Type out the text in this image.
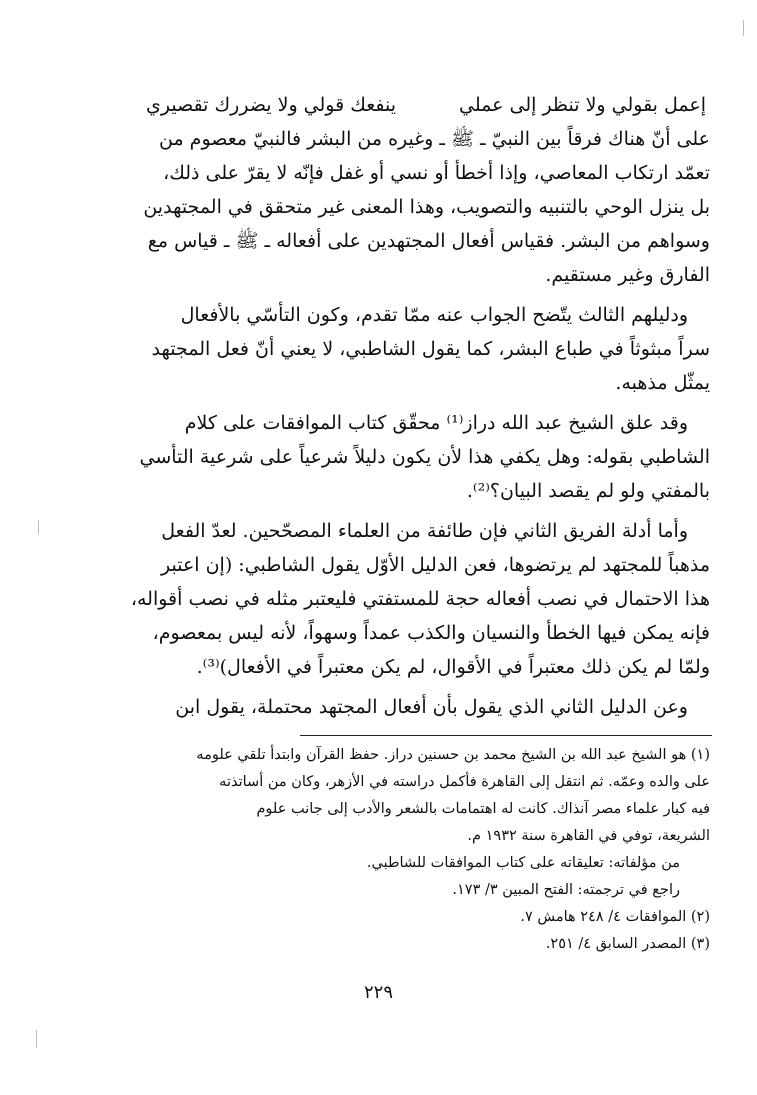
إعمل بقولي ولا تنظر إلى عملي
ينفعك قولي ولا يضررك تقصيري
على أنّ هناك فرقاً بين النبيّ ـ ﷺ ـ وغيره من البشر فالنبيّ معصوم من
تعمّد ارتكاب المعاصي، وإذا أخطأ أو نسي أو غفل فإنّه لا يقرّ على ذلك،
بل ينزل الوحي بالتنبيه والتصويب، وهذا المعنى غير متحقق في المجتهدين
وسواهم من البشر. فقياس أفعال المجتهدين على أفعاله ـ ﷺ ـ قياس مع
الفارق وغير مستقيم.
ودليلهم الثالث يتّضح الجواب عنه ممّا تقدم، وكون التأسّي بالأفعال
سراً مبثوثاً في طباع البشر، كما يقول الشاطبي، لا يعني أنّ فعل المجتهد
يمثّل مذهبه.
وقد علق الشيخ عبد الله دراز⁽¹⁾ محقّق كتاب الموافقات على كلام
الشاطبي بقوله: وهل يكفي هذا لأن يكون دليلاً شرعياً على شرعية التأسي
بالمفتي ولو لم يقصد البيان؟⁽²⁾.
وأما أدلة الفريق الثاني فإن طائفة من العلماء المصحّحين. لعدّ الفعل
مذهباً للمجتهد لم يرتضوها، فعن الدليل الأوّل يقول الشاطبي: (إن اعتبر
هذا الاحتمال في نصب أفعاله حجة للمستفتي فليعتبر مثله في نصب أقواله،
فإنه يمكن فيها الخطأ والنسيان والكذب عمداً وسهواً، لأنه ليس بمعصوم،
ولمّا لم يكن ذلك معتبراً في الأقوال، لم يكن معتبراً في الأفعال)⁽³⁾.
وعن الدليل الثاني الذي يقول بأن أفعال المجتهد محتملة، يقول ابن
(١) هو الشيخ عبد الله بن الشيخ محمد بن حسنين دراز. حفظ القرآن وابتدأ تلقي علومه
على والده وعمّه. ثم انتقل إلى القاهرة فأكمل دراسته في الأزهر، وكان من أساتذته
فيه كبار علماء مصر آنذاك. كانت له اهتمامات بالشعر والأدب إلى جانب علوم
الشريعة، توفي في القاهرة سنة ١٩٣٢ م.
من مؤلفاته: تعليقاته على كتاب الموافقات للشاطبي.
راجع في ترجمته: الفتح المبين ٣/ ١٧٣.
(٢) الموافقات ٤/ ٢٤٨ هامش ٧.
(٣) المصدر السابق ٤/ ٢٥١.
٢٢٩
